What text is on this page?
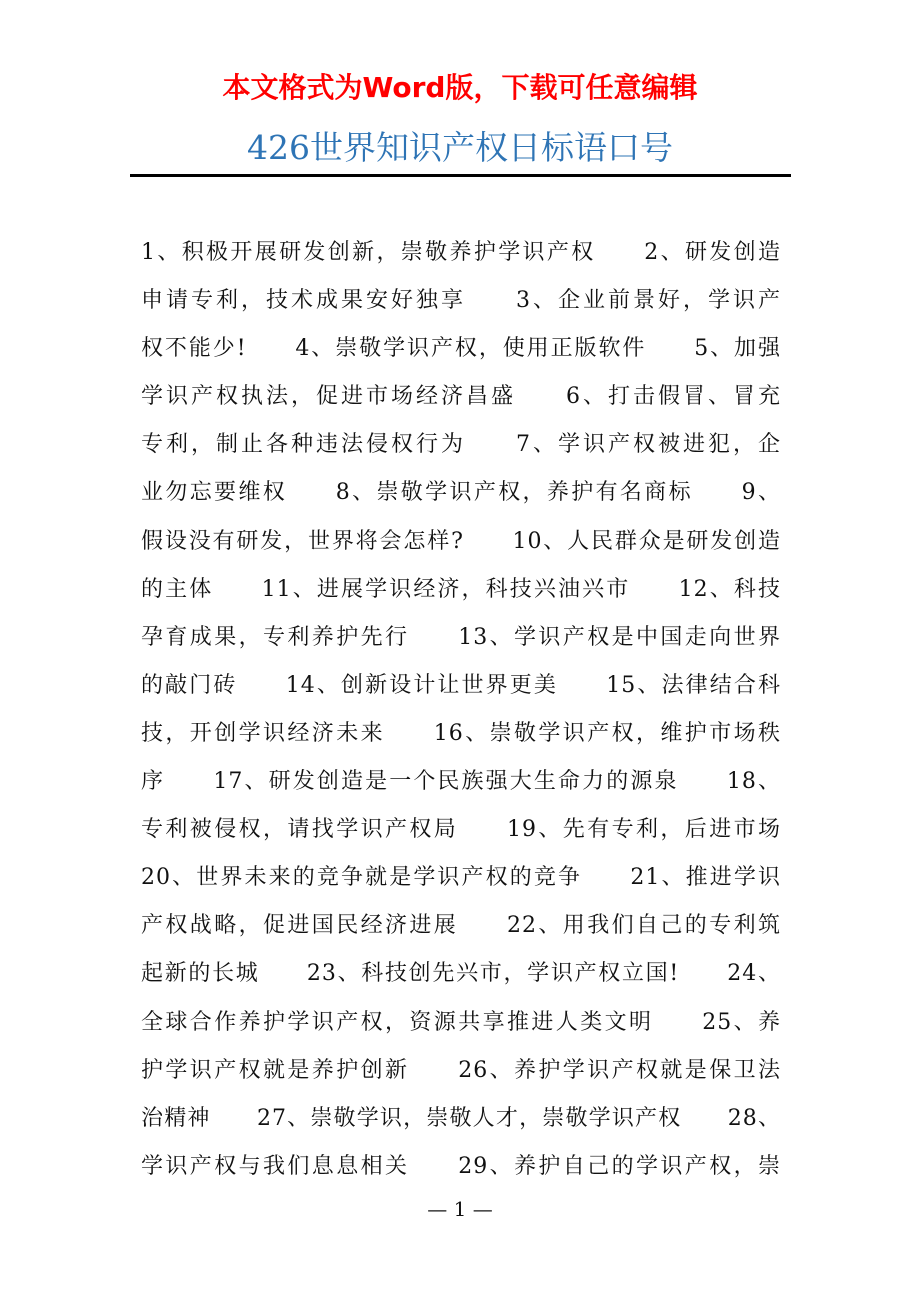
本文格式为Word版，下载可任意编辑
426世界知识产权日标语口号
1、积极开展研发创新，崇敬养护学识产权　　2、研发创造
申请专利，技术成果安好独享　　3、企业前景好，学识产
权不能少!　　4、崇敬学识产权，使用正版软件　　5、加强
学识产权执法，促进市场经济昌盛　　6、打击假冒、冒充
专利，制止各种违法侵权行为　　7、学识产权被进犯，企
业勿忘要维权　　8、崇敬学识产权，养护有名商标　　9、
假设没有研发，世界将会怎样?　　10、人民群众是研发创造
的主体　　11、进展学识经济，科技兴油兴市　　12、科技
孕育成果，专利养护先行　　13、学识产权是中国走向世界
的敲门砖　　14、创新设计让世界更美　　15、法律结合科
技，开创学识经济未来　　16、崇敬学识产权，维护市场秩
序　　17、研发创造是一个民族强大生命力的源泉　　18、
专利被侵权，请找学识产权局　　19、先有专利，后进市场
20、世界未来的竞争就是学识产权的竞争　　21、推进学识
产权战略，促进国民经济进展　　22、用我们自己的专利筑
起新的长城　　23、科技创先兴市，学识产权立国!　　24、
全球合作养护学识产权，资源共享推进人类文明　　25、养
护学识产权就是养护创新　　26、养护学识产权就是保卫法
治精神　　27、崇敬学识，崇敬人才，崇敬学识产权　　28、
学识产权与我们息息相关　　29、养护自己的学识产权，崇
— 1 —
